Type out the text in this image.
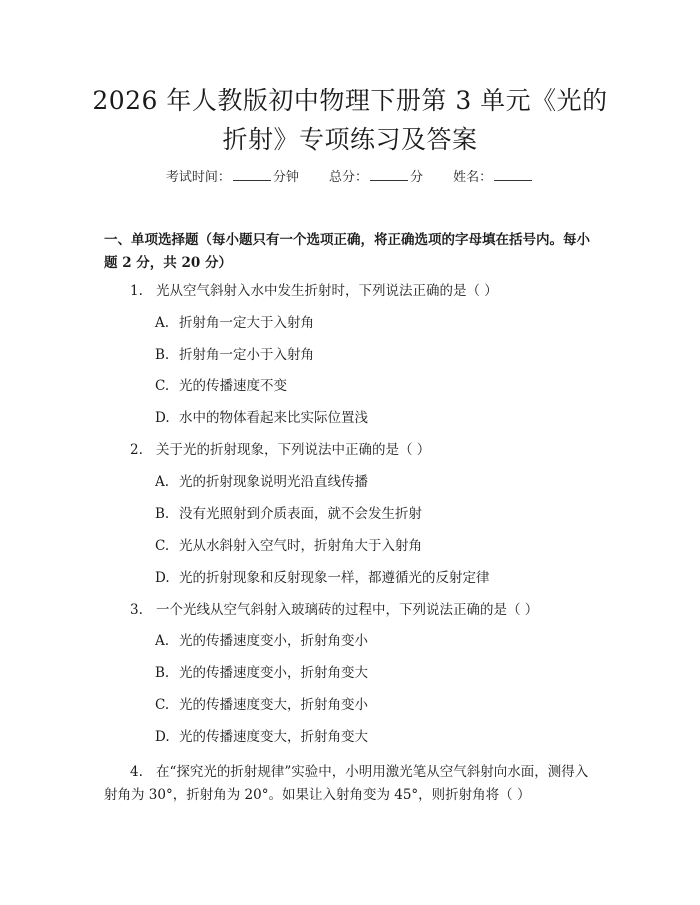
2026 年人教版初中物理下册第 3 单元《光的
折射》专项练习及答案
考试时间：	分钟 总分：	分 姓名：
一、单项选择题（每小题只有一个选项正确，将正确选项的字母填在括号内。每小题 2 分，共 20 分）
1. 光从空气斜射入水中发生折射时，下列说法正确的是（ ）
A. 折射角一定大于入射角
B. 折射角一定小于入射角
C. 光的传播速度不变
D. 水中的物体看起来比实际位置浅
2. 关于光的折射现象，下列说法中正确的是（ ）
A. 光的折射现象说明光沿直线传播
B. 没有光照射到介质表面，就不会发生折射
C. 光从水斜射入空气时，折射角大于入射角
D. 光的折射现象和反射现象一样，都遵循光的反射定律
3. 一个光线从空气斜射入玻璃砖的过程中，下列说法正确的是（ ）
A. 光的传播速度变小，折射角变小
B. 光的传播速度变小，折射角变大
C. 光的传播速度变大，折射角变小
D. 光的传播速度变大，折射角变大
4. 在“探究光的折射规律”实验中，小明用激光笔从空气斜射向水面，测得入射角为 30°，折射角为 20°。如果让入射角变为 45°，则折射角将（ ）
